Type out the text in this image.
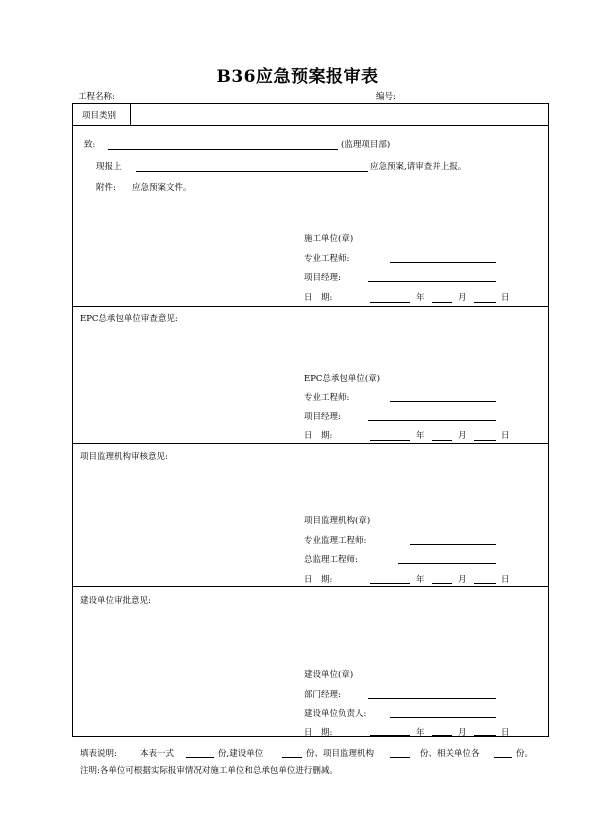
B36应急预案报审表
工程名称:	编号:
项目类别
致:	(监理项目部)
现报上	应急预案,请审查并上报。
附件: 应急预案文件。
施工单位(章)
专业工程师:
项目经理:
日　期:	年	月	日
EPC总承包单位审查意见:
EPC总承包单位(章)
专业工程师:
项目经理:
日　期:	年	月	日
项目监理机构审核意见:
项目监理机构(章)
专业监理工程师:
总监理工程师:
日　期:	年	月	日
建设单位审批意见:
建设单位(章)
部门经理:
建设单位负责人:
日　期:	年	月	日
填表说明:	本表一式	份,建设单位	份、项目监理机构	份、相关单位各	份。
注明:各单位可根据实际报审情况对施工单位和总承包单位进行删减。
